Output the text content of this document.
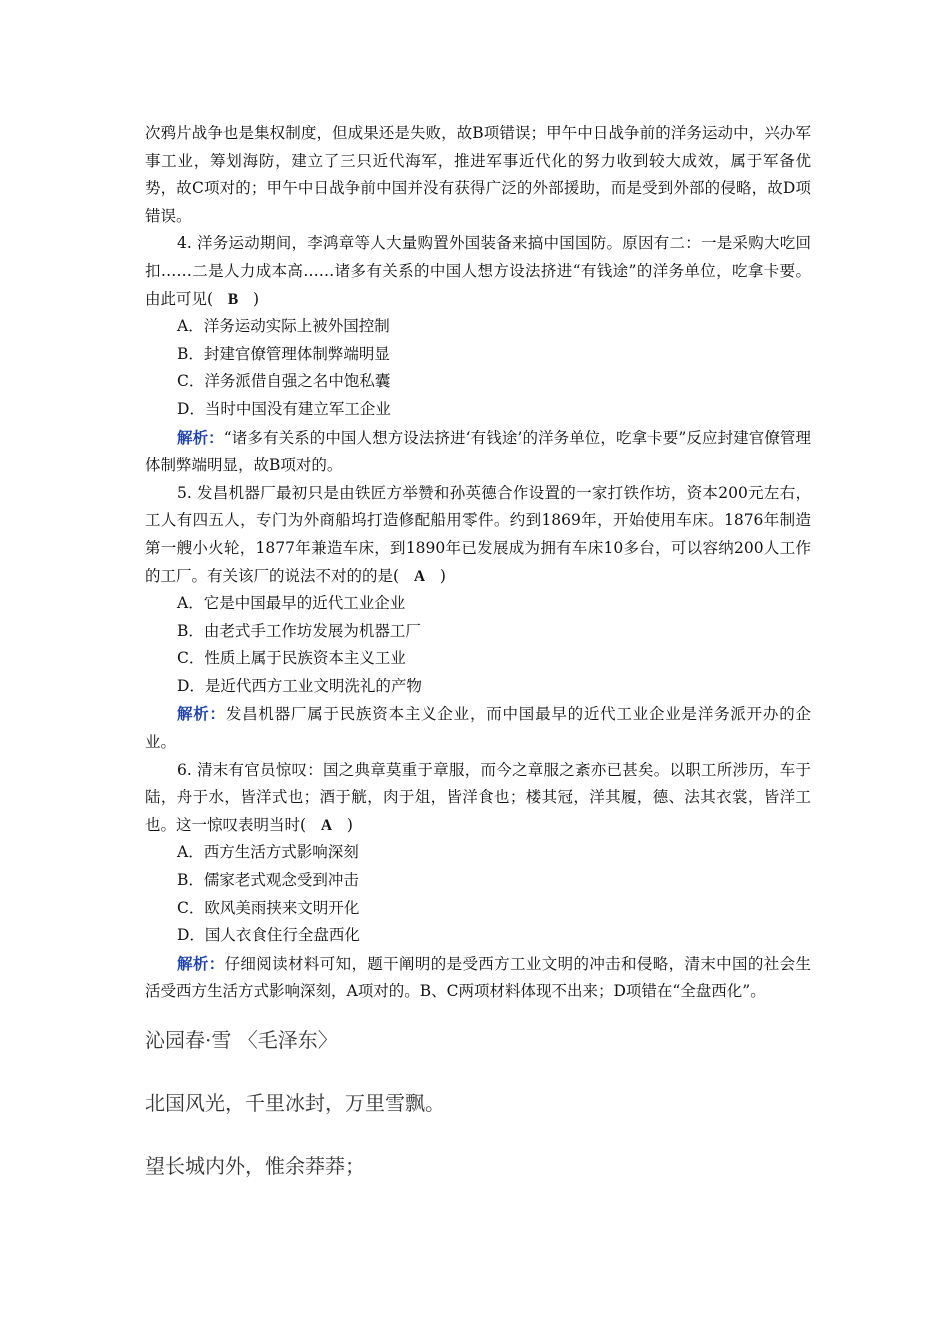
次鸦片战争也是集权制度，但成果还是失败，故B项错误；甲午中日战争前的洋务运动中，兴办军事工业，筹划海防，建立了三只近代海军，推进军事近代化的努力收到较大成效，属于军备优势，故C项对的；甲午中日战争前中国并没有获得广泛的外部援助，而是受到外部的侵略，故D项错误。

4. 洋务运动期间，李鸿章等人大量购置外国装备来搞中国国防。原因有二：一是采购大吃回扣……二是人力成本高……诸多有关系的中国人想方设法挤进“有钱途”的洋务单位，吃拿卡要。由此可见( B )

A．洋务运动实际上被外国控制

B．封建官僚管理体制弊端明显

C．洋务派借自强之名中饱私囊

D．当时中国没有建立军工企业

解析：“诸多有关系的中国人想方设法挤进‘有钱途’的洋务单位，吃拿卡要”反应封建官僚管理体制弊端明显，故B项对的。

5. 发昌机器厂最初只是由铁匠方举赞和孙英德合作设置的一家打铁作坊，资本200元左右，工人有四五人，专门为外商船坞打造修配船用零件。约到1869年，开始使用车床。1876年制造第一艘小火轮，1877年兼造车床，到1890年已发展成为拥有车床10多台，可以容纳200人工作的工厂。有关该厂的说法不对的的是( A )

A．它是中国最早的近代工业企业

B．由老式手工作坊发展为机器工厂

C．性质上属于民族资本主义工业

D．是近代西方工业文明洗礼的产物

解析：发昌机器厂属于民族资本主义企业，而中国最早的近代工业企业是洋务派开办的企业。

6. 清末有官员惊叹：国之典章莫重于章服，而今之章服之紊亦已甚矣。以职工所涉历，车于陆，舟于水，皆洋式也；酒于觥，肉于俎，皆洋食也；楼其冠，洋其履，德、法其衣裳，皆洋工也。这一惊叹表明当时( A )

A．西方生活方式影响深刻

B．儒家老式观念受到冲击

C．欧风美雨挟来文明开化

D．国人衣食住行全盘西化

解析：仔细阅读材料可知，题干阐明的是受西方工业文明的冲击和侵略，清末中国的社会生活受西方生活方式影响深刻，A项对的。B、C两项材料体现不出来；D项错在“全盘西化”。

沁园春·雪 〈毛泽东〉
北国风光，千里冰封，万里雪飘。
望长城内外，惟余莽莽；
